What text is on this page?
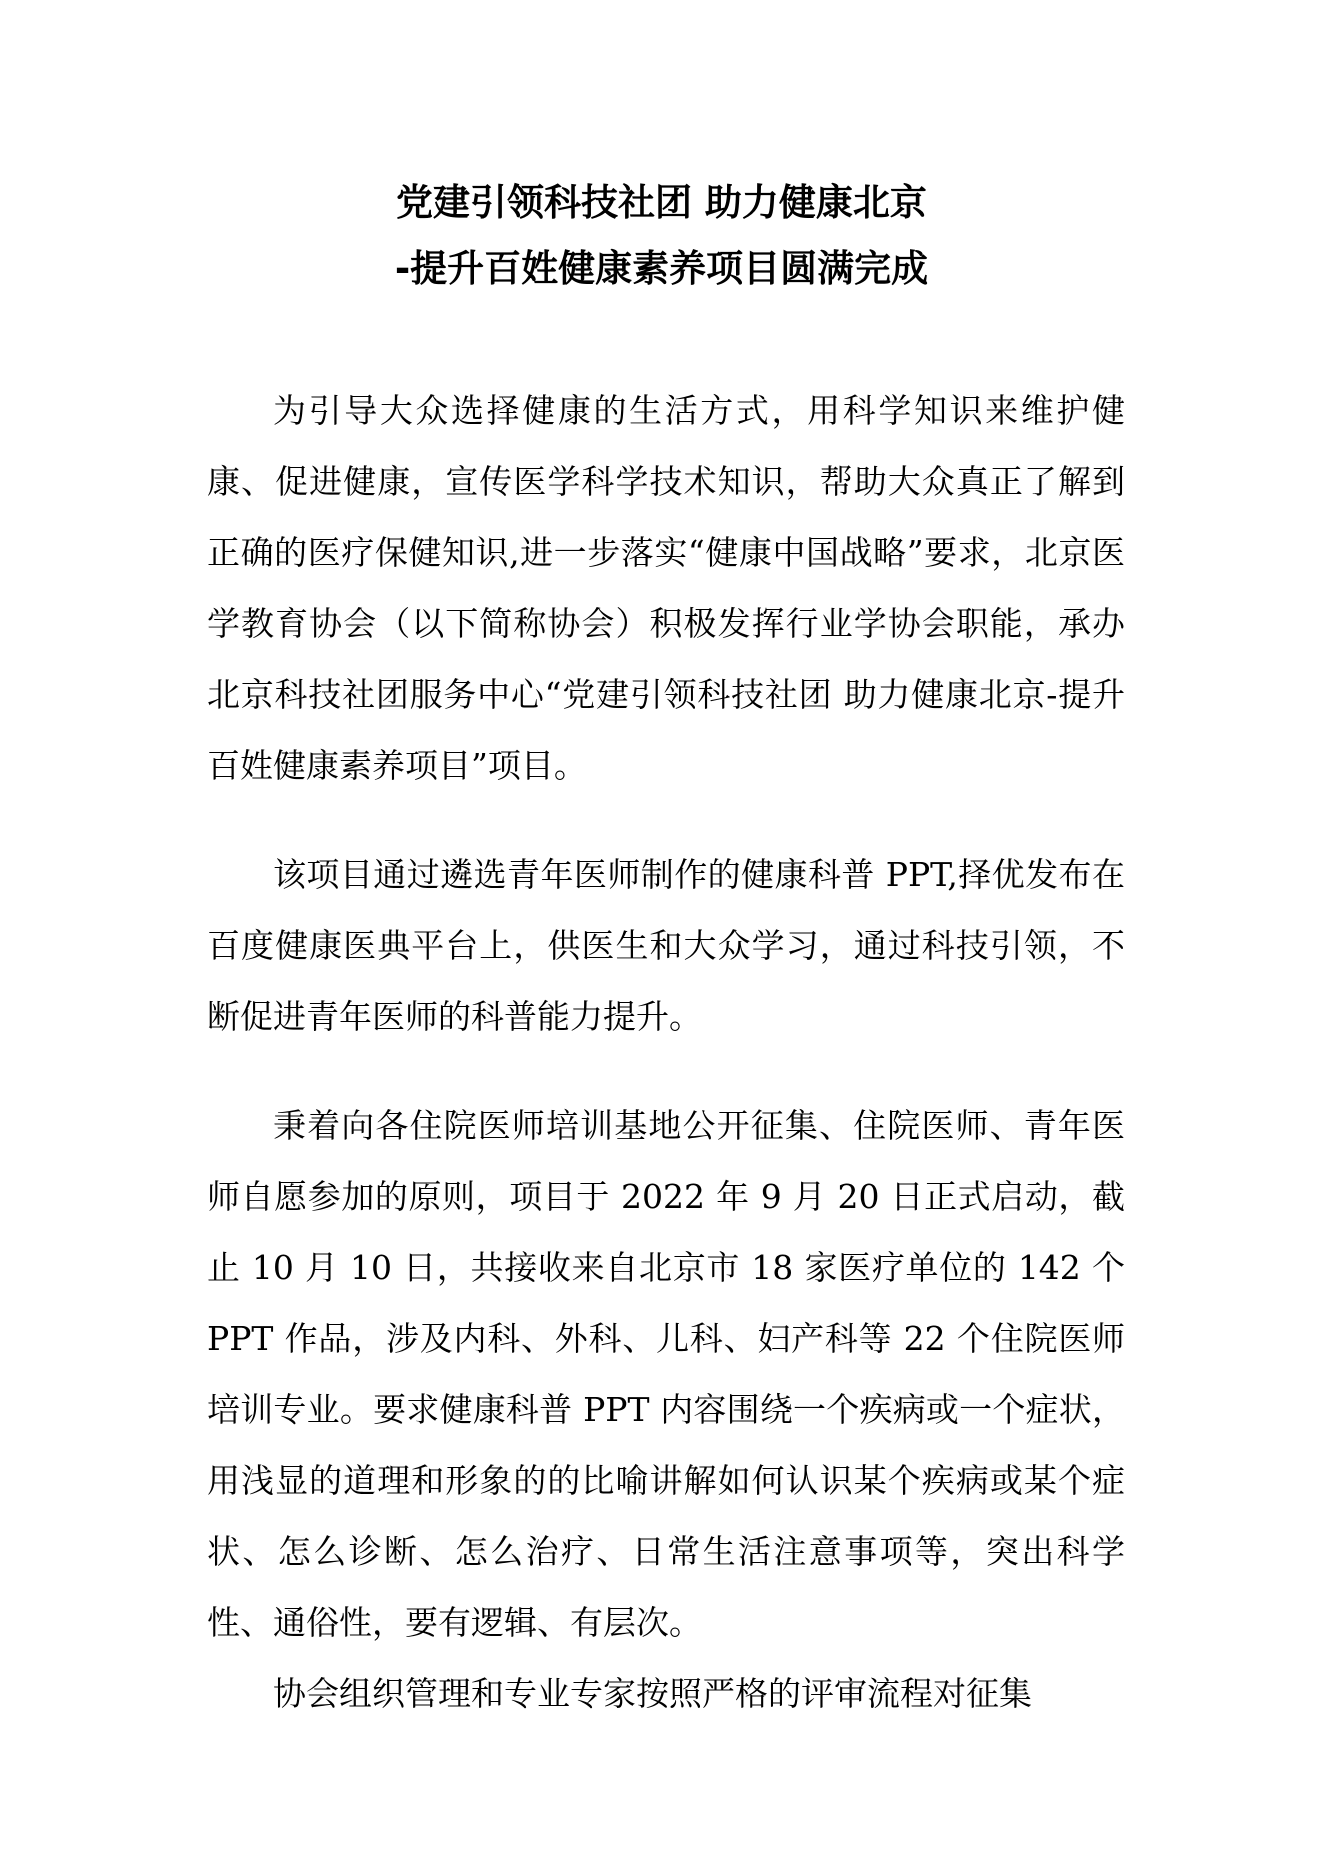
党建引领科技社团 助力健康北京
-提升百姓健康素养项目圆满完成

为引导大众选择健康的生活方式，用科学知识来维护健康、促进健康，宣传医学科学技术知识，帮助大众真正了解到正确的医疗保健知识,进一步落实“健康中国战略”要求，北京医学教育协会（以下简称协会）积极发挥行业学协会职能，承办北京科技社团服务中心“党建引领科技社团 助力健康北京-提升百姓健康素养项目”项目。

该项目通过遴选青年医师制作的健康科普 PPT,择优发布在百度健康医典平台上，供医生和大众学习，通过科技引领，不断促进青年医师的科普能力提升。

秉着向各住院医师培训基地公开征集、住院医师、青年医师自愿参加的原则，项目于 2022 年 9 月 20 日正式启动，截止 10 月 10 日，共接收来自北京市 18 家医疗单位的 142 个 PPT 作品，涉及内科、外科、儿科、妇产科等 22 个住院医师培训专业。要求健康科普 PPT 内容围绕一个疾病或一个症状，用浅显的道理和形象的的比喻讲解如何认识某个疾病或某个症状、怎么诊断、怎么治疗、日常生活注意事项等，突出科学性、通俗性，要有逻辑、有层次。

协会组织管理和专业专家按照严格的评审流程对征集
